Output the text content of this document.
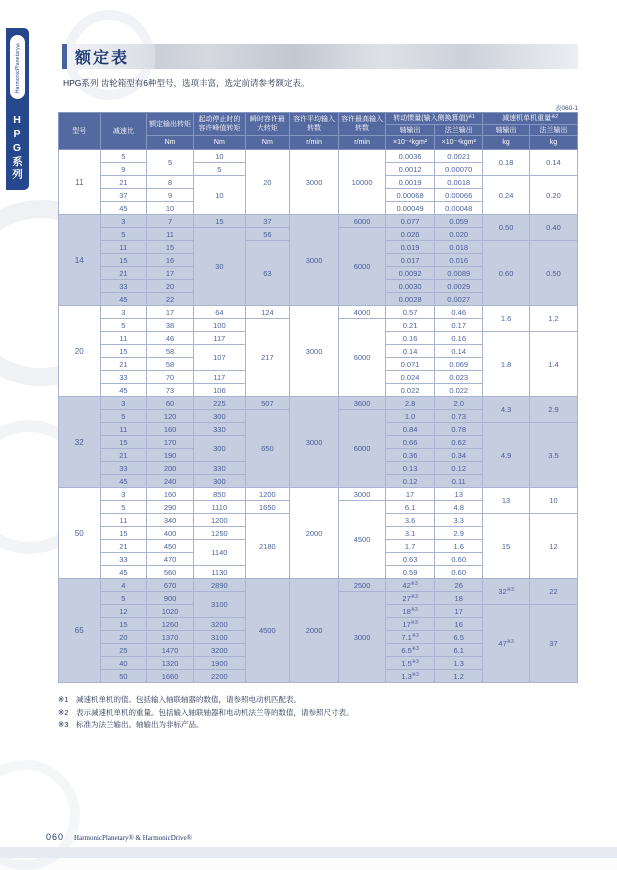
HarmonicPlanetary®
HPG系列
额定表
HPG系列 齿轮箱型有6种型号，选项丰富，选定前请参考额定表。
表060-1
型号	减速比	额定输出转矩	起动停止时的容许峰值转矩	瞬时容许最大转矩	容许平均输入转数	容许最高输入转数	转动惯量(输入侧换算值)$^{※1}$		减速机单机重量$^{※2}$
							轴输出	法兰输出	轴输出	法兰输出
		Nm	Nm	Nm	r/min	r/min	×10⁻⁴kgm²	×10⁻⁴kgm²	kg	kg
11	5	5	10	20	3000	10000	0.0036	0.0021	0.18	0.14
	9		5				0.0012	0.00070		
	21	8	10				0.0019	0.0018	0.24	0.20
	37	9					0.00068	0.00066		
	45	10					0.00049	0.00048		
14	3	7	15	37	3000	6000	0.077	0.059	0.50	0.40
	5	11	30	56		6000	0.026	0.020		
	11	15		63			0.019	0.018	0.60	0.50
	15	16					0.017	0.016		
	21	17					0.0092	0.0089		
	33	20					0.0030	0.0029		
	45	22					0.0028	0.0027		
20	3	17	64	124	3000	4000	0.57	0.46	1.6	1.2
	5	38	100	217		6000	0.21	0.17		
	11	46	117				0.16	0.16	1.8	1.4
	15	58	107				0.14	0.14		
	21	58					0.071	0.069		
	33	70	117				0.024	0.023		
	45	73	106				0.022	0.022		
32	3	60	225	507	3000	3600	2.8	2.0	4.3	2.9
	5	120	300	650		6000	1.0	0.73		
	11	160	330				0.84	0.78	4.9	3.5
	15	170	300				0.66	0.62		
	21	190					0.36	0.34		
	33	200	330				0.13	0.12		
	45	240	300				0.12	0.11		
50	3	160	850	1200	2000	3000	17	13	13	10
	5	290	1110	1650		4500	6.1	4.8		
	11	340	1200	2180			3.6	3.3	15	12
	15	400	1250				3.1	2.9		
	21	450	1140				1.7	1.6		
	33	470					0.63	0.60		
	45	560	1130				0.59	0.60		
65	4	670	2890	4500	2000	2500	42$^{※3}$	26	32$^{※3}$	22
	5	900	3100			3000	27$^{※3}$	18		
	12	1020					18$^{※3}$	17	47$^{※3}$	37
	15	1260	3200				17$^{※3}$	16		
	20	1370	3100				7.1$^{※3}$	6.5		
	25	1470	3200				6.5$^{※3}$	6.1		
	40	1320	1900				1.5$^{※3}$	1.3		
	50	1660	2200				1.3$^{※3}$	1.2		
※1	减速机单机的值。包括输入轴联轴器的数值，请参照电动机匹配表。
※2	表示减速机单机的重量。包括输入轴联轴器和电动机法兰等的数值，请参照尺寸表。
※3	标准为法兰输出。轴输出为非标产品。
060 HarmonicPlanetary® & HarmonicDrive®
